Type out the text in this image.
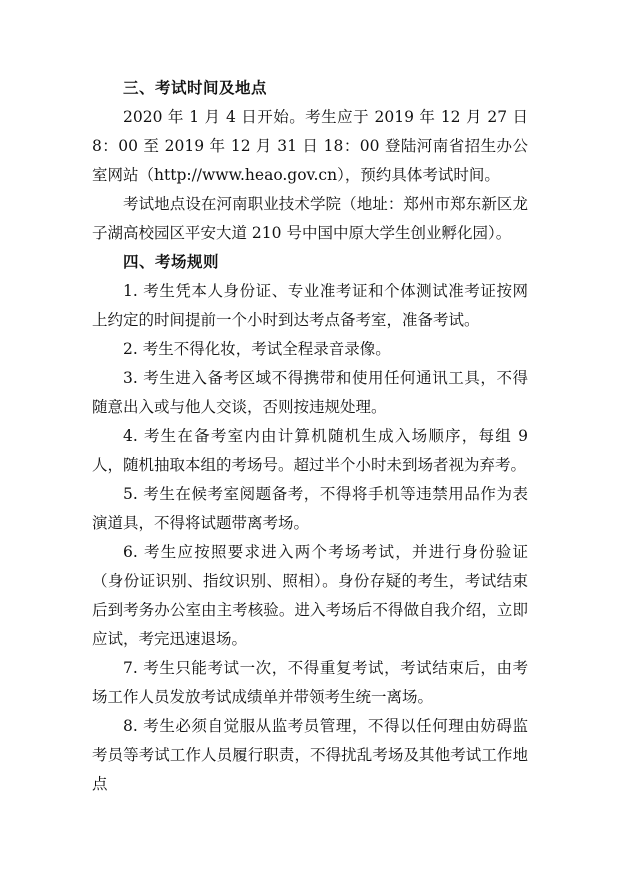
三、考试时间及地点
2020 年 1 月 4 日开始。考生应于 2019 年 12 月 27 日 8：00 至 2019 年 12 月 31 日 18：00 登陆河南省招生办公室网站（http://www.heao.gov.cn），预约具体考试时间。
考试地点设在河南职业技术学院（地址：郑州市郑东新区龙子湖高校园区平安大道 210 号中国中原大学生创业孵化园）。
四、考场规则
1. 考生凭本人身份证、专业准考证和个体测试准考证按网上约定的时间提前一个小时到达考点备考室，准备考试。
2. 考生不得化妆，考试全程录音录像。
3. 考生进入备考区域不得携带和使用任何通讯工具，不得随意出入或与他人交谈，否则按违规处理。
4. 考生在备考室内由计算机随机生成入场顺序，每组 9 人，随机抽取本组的考场号。超过半个小时未到场者视为弃考。
5. 考生在候考室阅题备考，不得将手机等违禁用品作为表演道具，不得将试题带离考场。
6. 考生应按照要求进入两个考场考试，并进行身份验证（身份证识别、指纹识别、照相）。身份存疑的考生，考试结束后到考务办公室由主考核验。进入考场后不得做自我介绍，立即应试，考完迅速退场。
7. 考生只能考试一次，不得重复考试，考试结束后，由考场工作人员发放考试成绩单并带领考生统一离场。
8. 考生必须自觉服从监考员管理，不得以任何理由妨碍监考员等考试工作人员履行职责，不得扰乱考场及其他考试工作地点
